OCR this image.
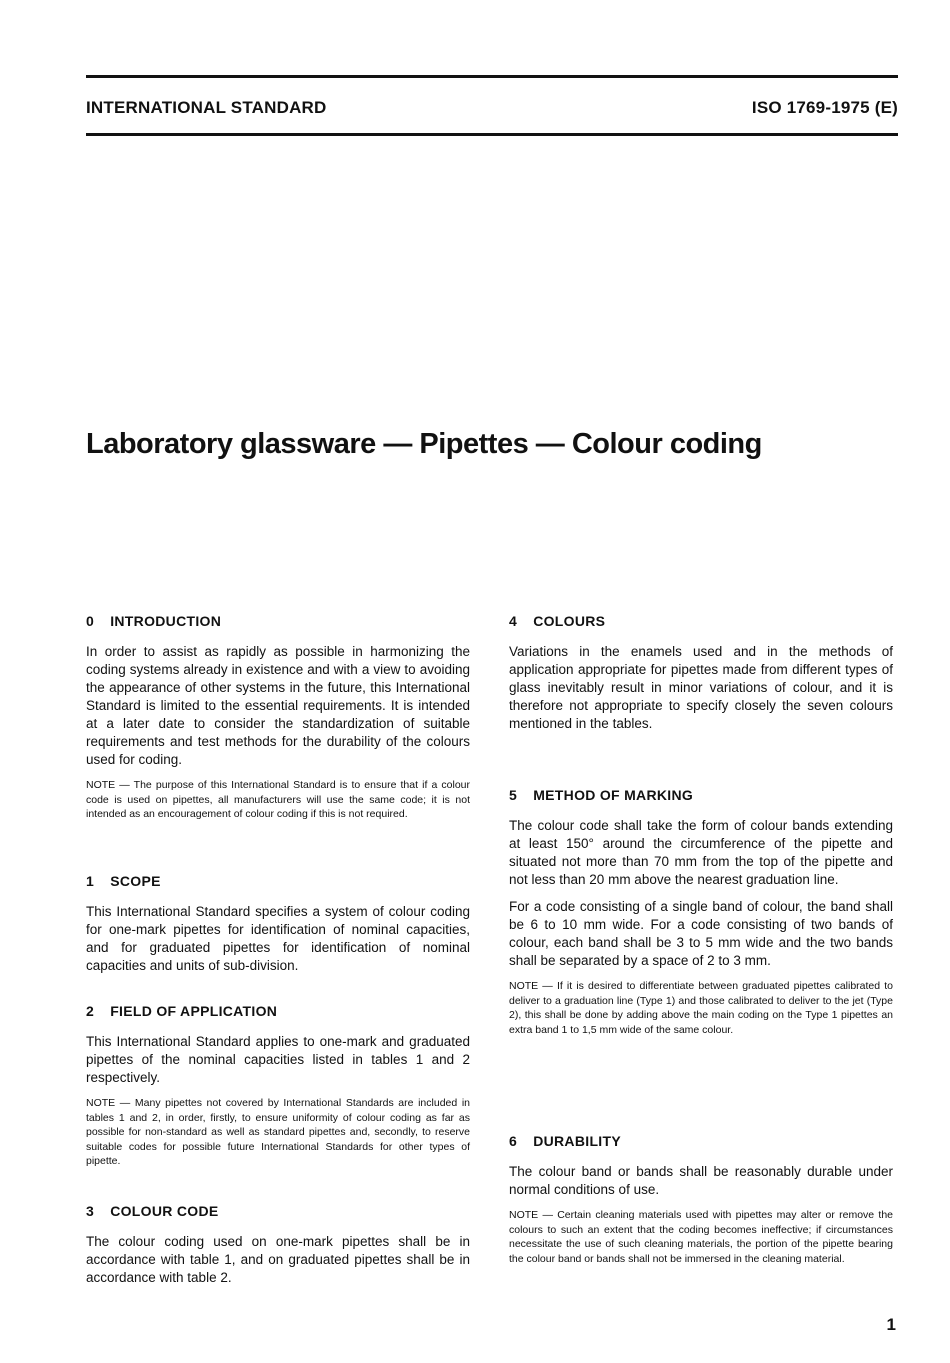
INTERNATIONAL STANDARD	ISO 1769-1975 (E)
Laboratory glassware — Pipettes — Colour coding
0 INTRODUCTION

In order to assist as rapidly as possible in harmonizing the coding systems already in existence and with a view to avoiding the appearance of other systems in the future, this International Standard is limited to the essential requirements. It is intended at a later date to consider the standardization of suitable requirements and test methods for the durability of the colours used for coding.

NOTE — The purpose of this International Standard is to ensure that if a colour code is used on pipettes, all manufacturers will use the same code; it is not intended as an encouragement of colour coding if this is not required.

1 SCOPE

This International Standard specifies a system of colour coding for one-mark pipettes for identification of nominal capacities, and for graduated pipettes for identification of nominal capacities and units of sub-division.

2 FIELD OF APPLICATION

This International Standard applies to one-mark and graduated pipettes of the nominal capacities listed in tables 1 and 2 respectively.

NOTE — Many pipettes not covered by International Standards are included in tables 1 and 2, in order, firstly, to ensure uniformity of colour coding as far as possible for non-standard as well as standard pipettes and, secondly, to reserve suitable codes for possible future International Standards for other types of pipette.

3 COLOUR CODE

The colour coding used on one-mark pipettes shall be in accordance with table 1, and on graduated pipettes shall be in accordance with table 2.

4 COLOURS

Variations in the enamels used and in the methods of application appropriate for pipettes made from different types of glass inevitably result in minor variations of colour, and it is therefore not appropriate to specify closely the seven colours mentioned in the tables.

5 METHOD OF MARKING

The colour code shall take the form of colour bands extending at least 150° around the circumference of the pipette and situated not more than 70 mm from the top of the pipette and not less than 20 mm above the nearest graduation line.

For a code consisting of a single band of colour, the band shall be 6 to 10 mm wide. For a code consisting of two bands of colour, each band shall be 3 to 5 mm wide and the two bands shall be separated by a space of 2 to 3 mm.

NOTE — If it is desired to differentiate between graduated pipettes calibrated to deliver to a graduation line (Type 1) and those calibrated to deliver to the jet (Type 2), this shall be done by adding above the main coding on the Type 1 pipettes an extra band 1 to 1,5 mm wide of the same colour.

6 DURABILITY

The colour band or bands shall be reasonably durable under normal conditions of use.

NOTE — Certain cleaning materials used with pipettes may alter or remove the colours to such an extent that the coding becomes ineffective; if circumstances necessitate the use of such cleaning materials, the portion of the pipette bearing the colour band or bands shall not be immersed in the cleaning material.

1
